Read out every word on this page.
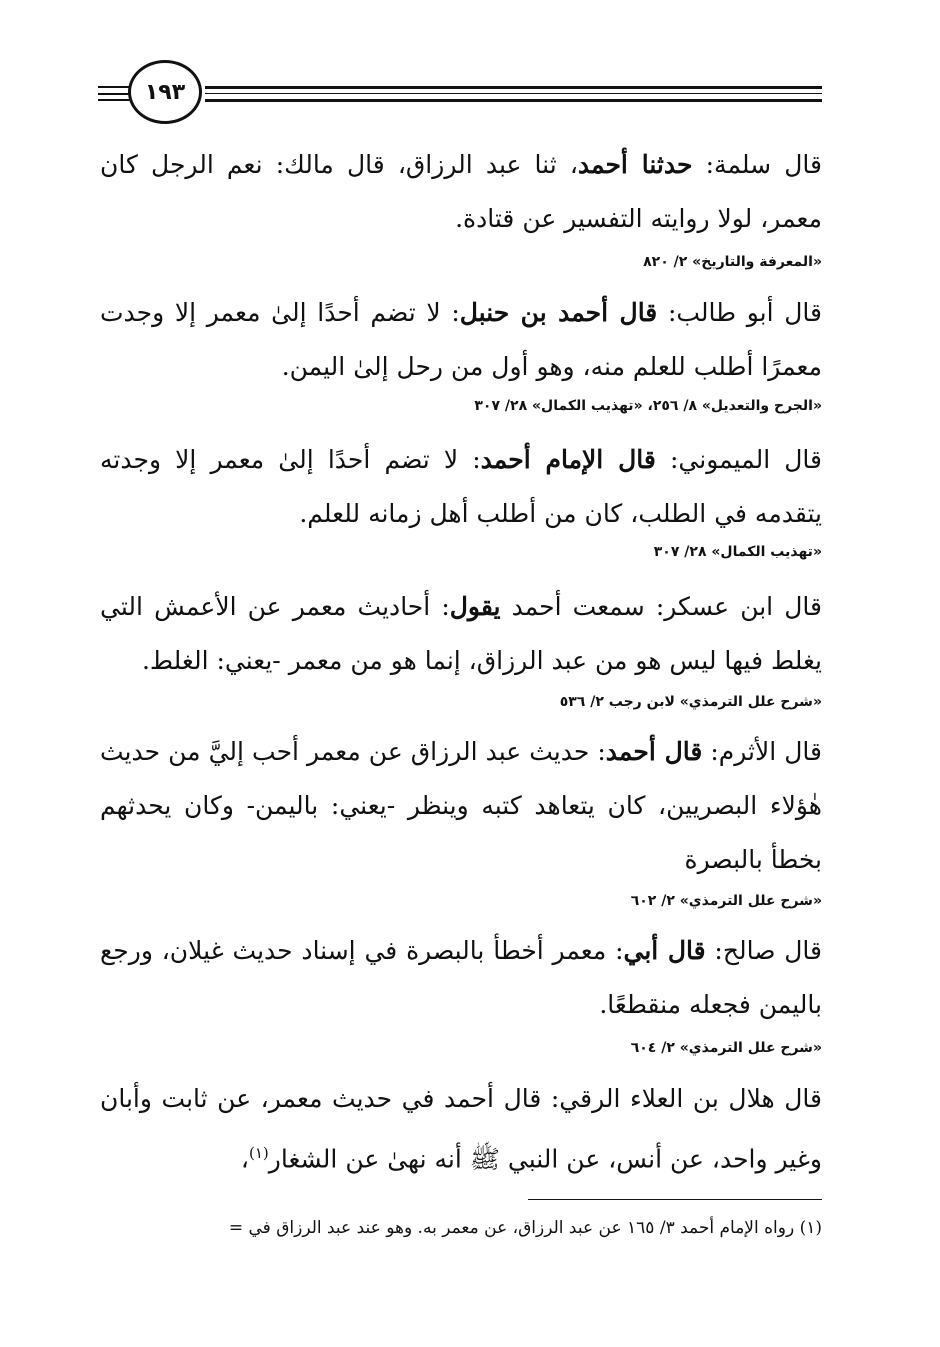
١٩٣

قال سلمة: حدثنا أحمد، ثنا عبد الرزاق، قال مالك: نعم الرجل كان معمر، لولا روايته التفسير عن قتادة.

«المعرفة والتاريخ» ٢/ ٨٢٠

قال أبو طالب: قال أحمد بن حنبل: لا تضم أحدًا إلىٰ معمر إلا وجدت معمرًا أطلب للعلم منه، وهو أول من رحل إلىٰ اليمن.

«الجرح والتعديل» ٨/ ٢٥٦، «تهذيب الكمال» ٢٨/ ٣٠٧

قال الميموني: قال الإمام أحمد: لا تضم أحدًا إلىٰ معمر إلا وجدته يتقدمه في الطلب، كان من أطلب أهل زمانه للعلم.

«تهذيب الكمال» ٢٨/ ٣٠٧

قال ابن عسكر: سمعت أحمد يقول: أحاديث معمر عن الأعمش التي يغلط فيها ليس هو من عبد الرزاق، إنما هو من معمر -يعني: الغلط.

«شرح علل الترمذي» لابن رجب ٢/ ٥٣٦

قال الأثرم: قال أحمد: حديث عبد الرزاق عن معمر أحب إليَّ من حديث هٰؤلاء البصريين، كان يتعاهد كتبه وينظر -يعني: باليمن- وكان يحدثهم بخطأ بالبصرة

«شرح علل الترمذي» ٢/ ٦٠٢

قال صالح: قال أبي: معمر أخطأ بالبصرة في إسناد حديث غيلان، ورجع باليمن فجعله منقطعًا.

«شرح علل الترمذي» ٢/ ٦٠٤

قال هلال بن العلاء الرقي: قال أحمد في حديث معمر، عن ثابت وأبان وغير واحد، عن أنس، عن النبي ﷺ أنه نهىٰ عن الشغار$^{(١)}$،

(١) رواه الإمام أحمد ٣/ ١٦٥ عن عبد الرزاق، عن معمر به. وهو عند عبد الرزاق في =
